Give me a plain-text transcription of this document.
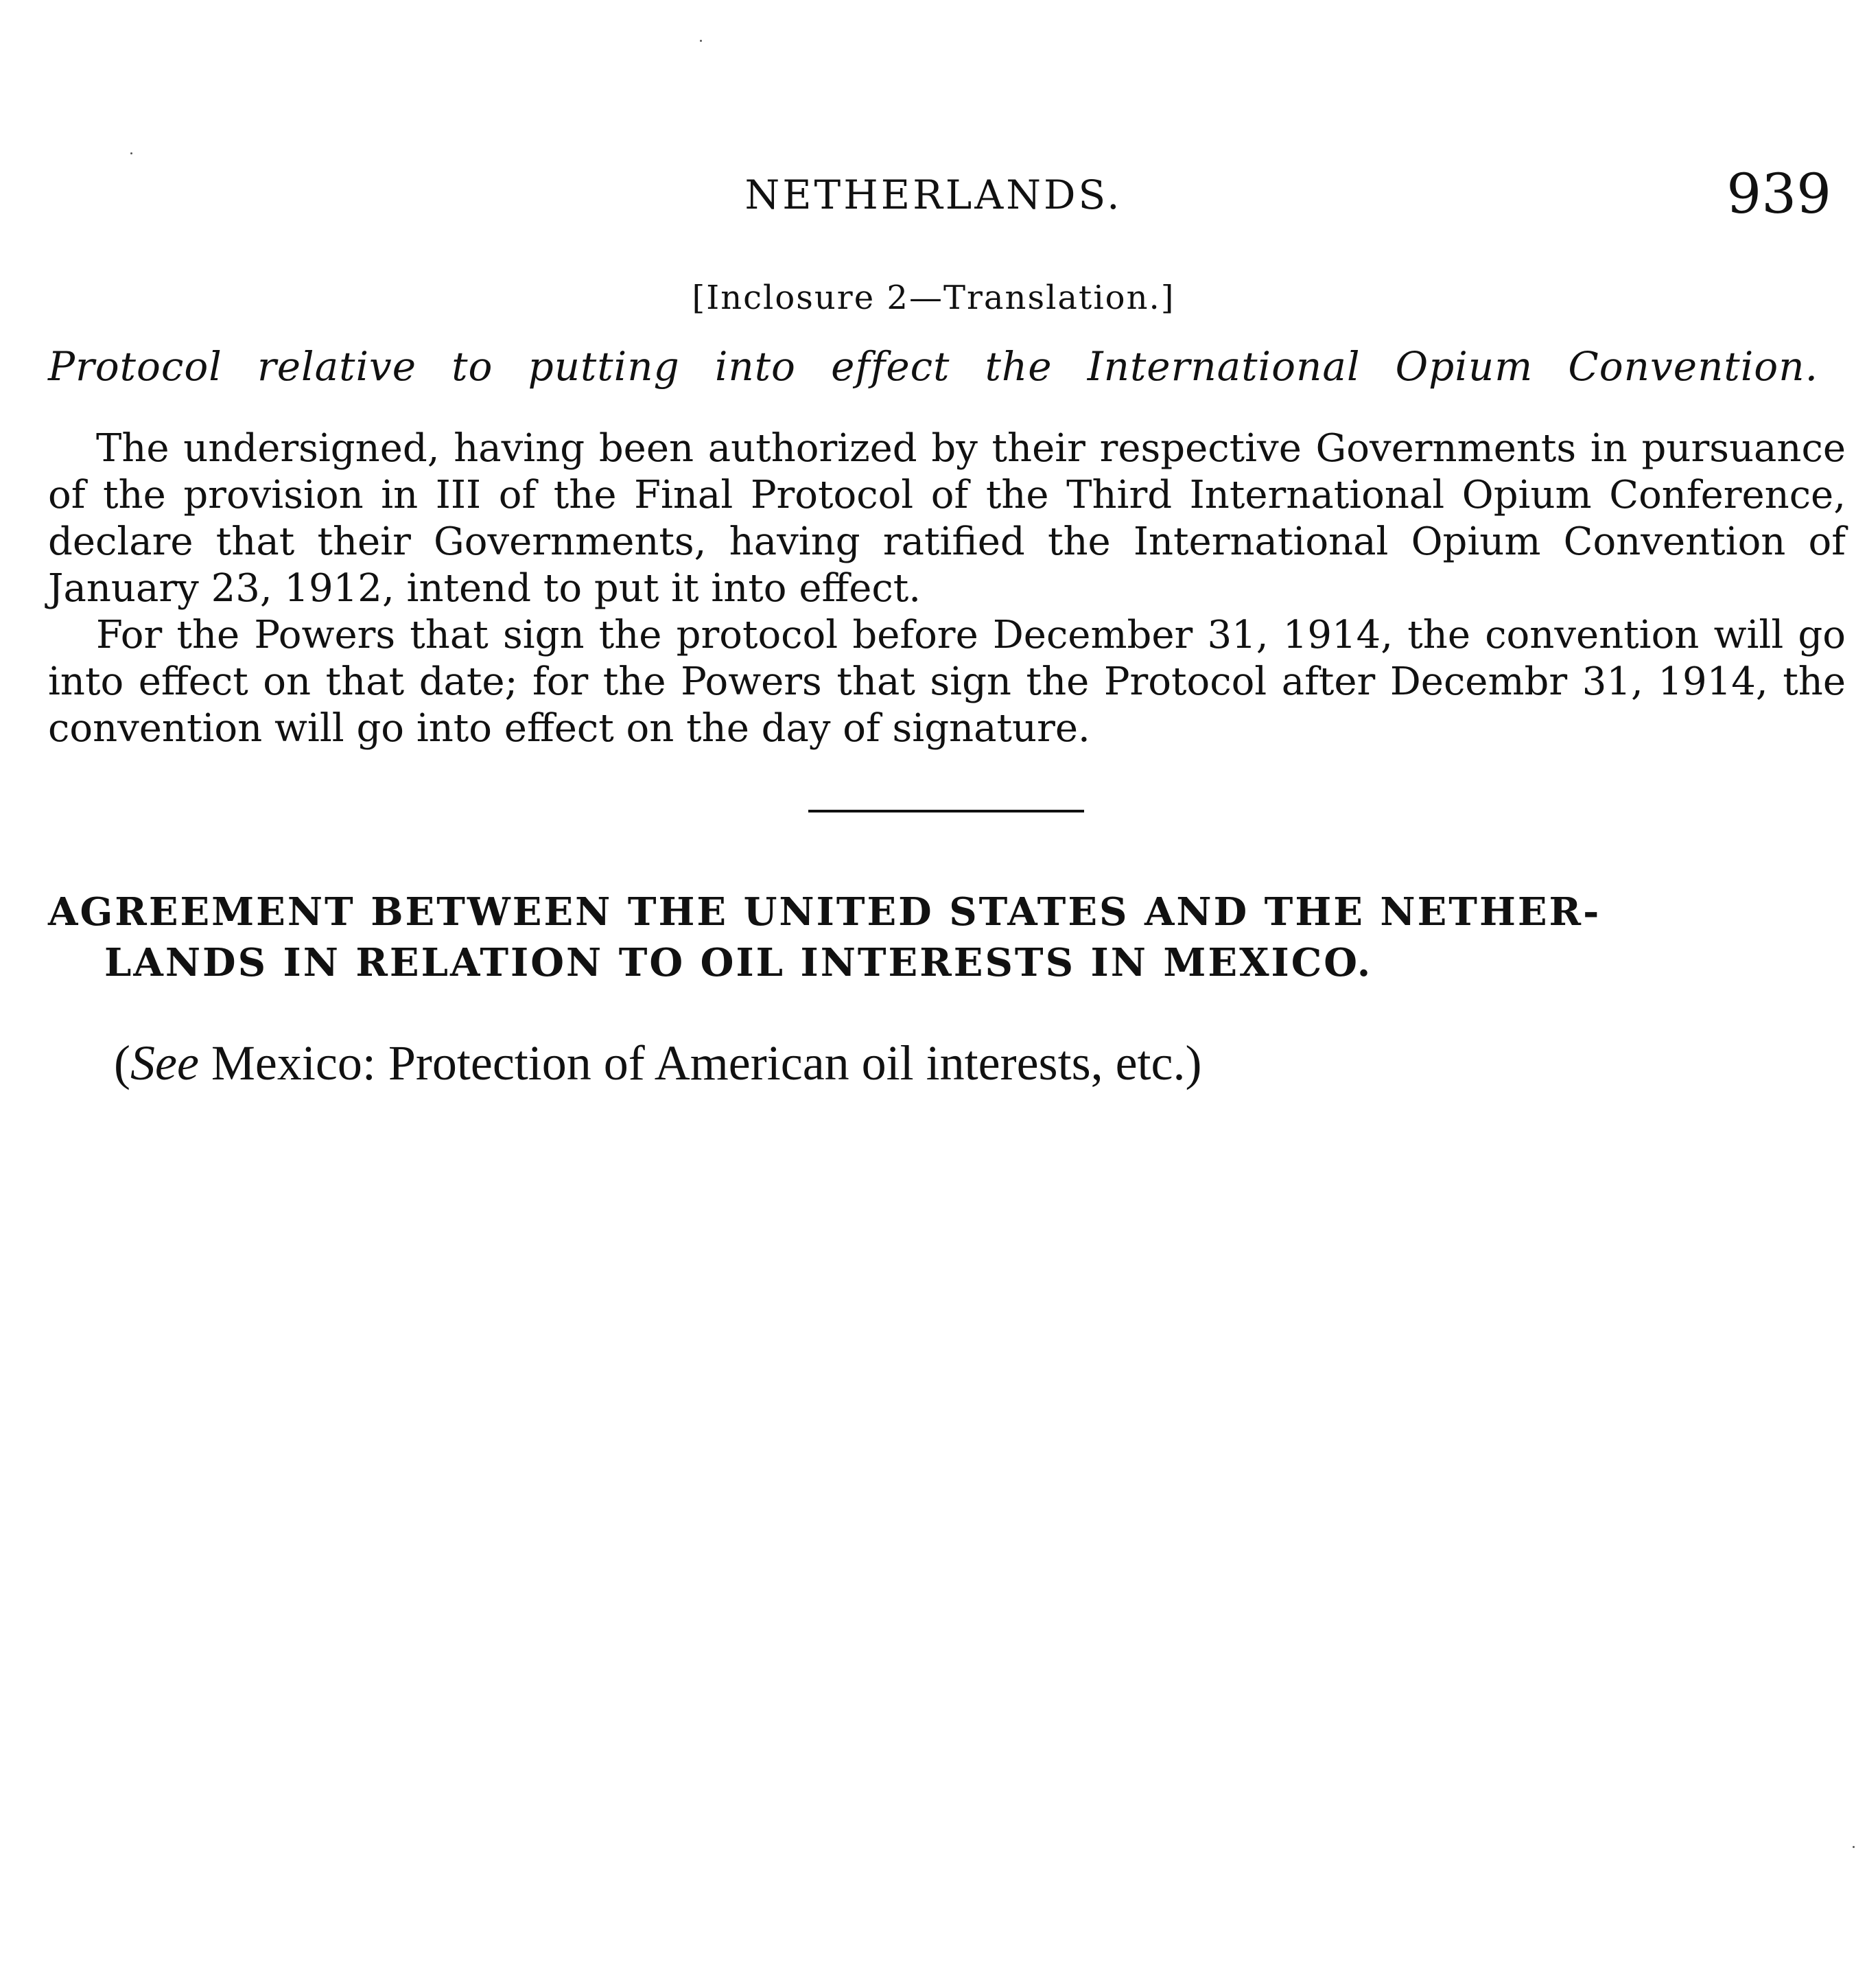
NETHERLANDS.	939
[Inclosure 2—Translation.]
Protocol relative to putting into effect the International Opium Convention.

The undersigned, having been authorized by their respective Governments in pursuance of the provision in III of the Final Protocol of the Third International Opium Conference, declare that their Governments, having ratified the International Opium Convention of January 23, 1912, intend to put it into effect.

For the Powers that sign the protocol before December 31, 1914, the convention will go into effect on that date; for the Powers that sign the Protocol after Decembr 31, 1914, the convention will go into effect on the day of signature.

AGREEMENT BETWEEN THE UNITED STATES AND THE NETHER-
LANDS IN RELATION TO OIL INTERESTS IN MEXICO.
(See Mexico: Protection of American oil interests, etc.)
